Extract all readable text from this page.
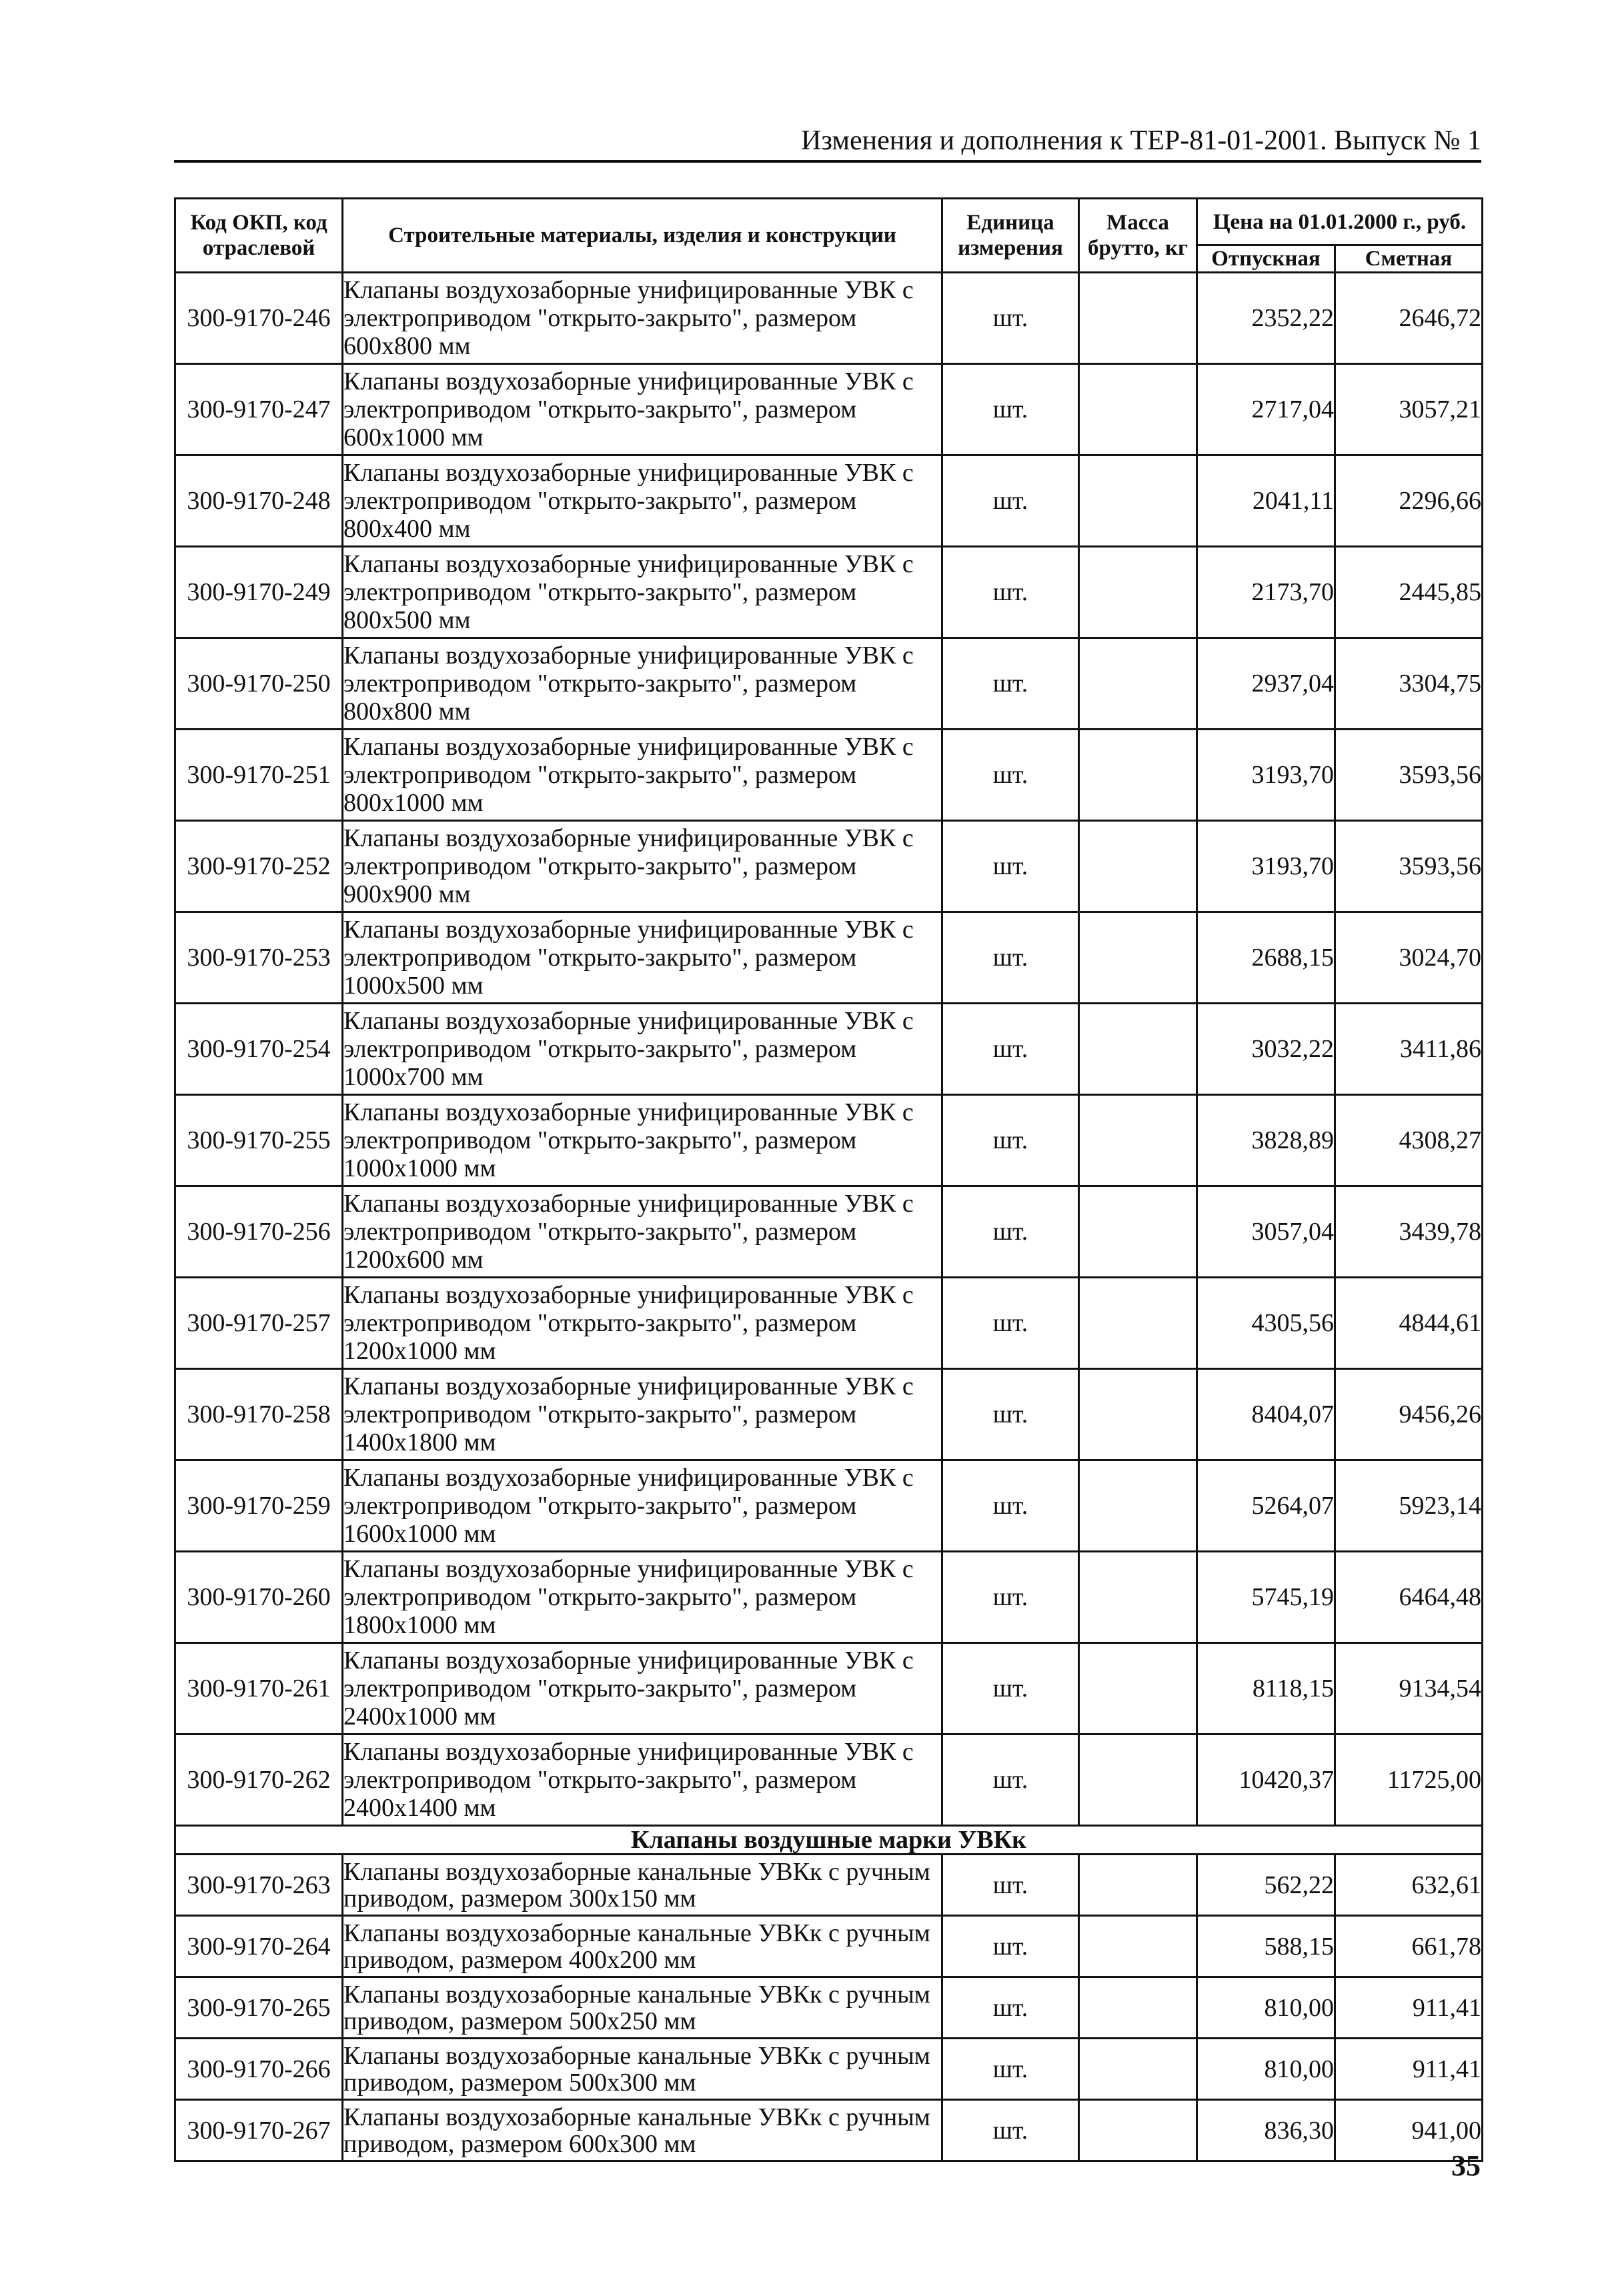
Изменения и дополнения к ТЕР-81-01-2001. Выпуск № 1
Код ОКП, код отраслевой	Строительные материалы, изделия и конструкции	Единица измерения	Масса брутто, кг	Цена на 01.01.2000 г., руб.	
				Отпускная	Сметная
300-9170-246	Клапаны воздухозаборные унифицированные УВК с электроприводом "открыто-закрыто", размером 600х800 мм	шт.		2352,22	2646,72
300-9170-247	Клапаны воздухозаборные унифицированные УВК с электроприводом "открыто-закрыто", размером 600х1000 мм	шт.		2717,04	3057,21
300-9170-248	Клапаны воздухозаборные унифицированные УВК с электроприводом "открыто-закрыто", размером 800х400 мм	шт.		2041,11	2296,66
300-9170-249	Клапаны воздухозаборные унифицированные УВК с электроприводом "открыто-закрыто", размером 800х500 мм	шт.		2173,70	2445,85
300-9170-250	Клапаны воздухозаборные унифицированные УВК с электроприводом "открыто-закрыто", размером 800х800 мм	шт.		2937,04	3304,75
300-9170-251	Клапаны воздухозаборные унифицированные УВК с электроприводом "открыто-закрыто", размером 800х1000 мм	шт.		3193,70	3593,56
300-9170-252	Клапаны воздухозаборные унифицированные УВК с электроприводом "открыто-закрыто", размером 900х900 мм	шт.		3193,70	3593,56
300-9170-253	Клапаны воздухозаборные унифицированные УВК с электроприводом "открыто-закрыто", размером 1000х500 мм	шт.		2688,15	3024,70
300-9170-254	Клапаны воздухозаборные унифицированные УВК с электроприводом "открыто-закрыто", размером 1000х700 мм	шт.		3032,22	3411,86
300-9170-255	Клапаны воздухозаборные унифицированные УВК с электроприводом "открыто-закрыто", размером 1000х1000 мм	шт.		3828,89	4308,27
300-9170-256	Клапаны воздухозаборные унифицированные УВК с электроприводом "открыто-закрыто", размером 1200х600 мм	шт.		3057,04	3439,78
300-9170-257	Клапаны воздухозаборные унифицированные УВК с электроприводом "открыто-закрыто", размером 1200х1000 мм	шт.		4305,56	4844,61
300-9170-258	Клапаны воздухозаборные унифицированные УВК с электроприводом "открыто-закрыто", размером 1400х1800 мм	шт.		8404,07	9456,26
300-9170-259	Клапаны воздухозаборные унифицированные УВК с электроприводом "открыто-закрыто", размером 1600х1000 мм	шт.		5264,07	5923,14
300-9170-260	Клапаны воздухозаборные унифицированные УВК с электроприводом "открыто-закрыто", размером 1800х1000 мм	шт.		5745,19	6464,48
300-9170-261	Клапаны воздухозаборные унифицированные УВК с электроприводом "открыто-закрыто", размером 2400х1000 мм	шт.		8118,15	9134,54
300-9170-262	Клапаны воздухозаборные унифицированные УВК с электроприводом "открыто-закрыто", размером 2400х1400 мм	шт.		10420,37	11725,00
Клапаны воздушные марки УВКк					
300-9170-263	Клапаны воздухозаборные канальные УВКк с ручным приводом, размером 300х150 мм	шт.		562,22	632,61
300-9170-264	Клапаны воздухозаборные канальные УВКк с ручным приводом, размером 400х200 мм	шт.		588,15	661,78
300-9170-265	Клапаны воздухозаборные канальные УВКк с ручным приводом, размером 500х250 мм	шт.		810,00	911,41
300-9170-266	Клапаны воздухозаборные канальные УВКк с ручным приводом, размером 500х300 мм	шт.		810,00	911,41
300-9170-267	Клапаны воздухозаборные канальные УВКк с ручным приводом, размером 600х300 мм	шт.		836,30	941,00
35
